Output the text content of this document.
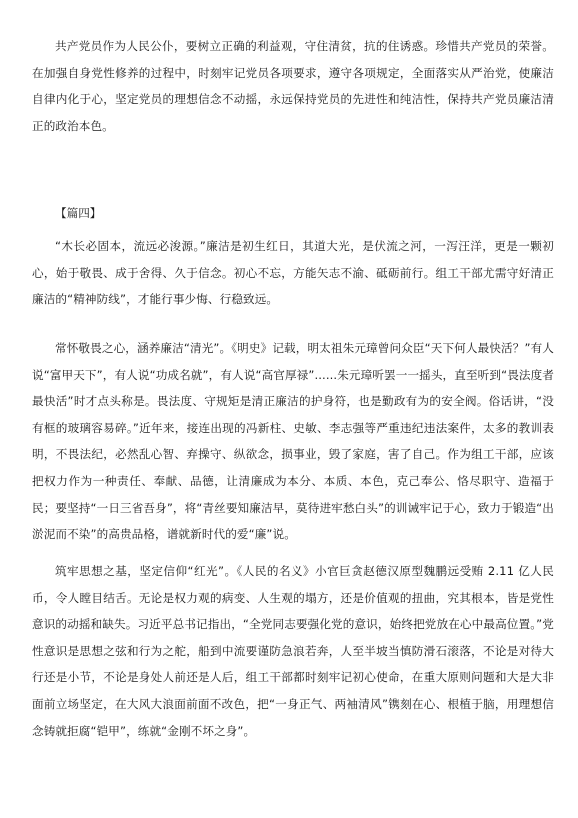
共产党员作为人民公仆，要树立正确的利益观，守住清贫，抗的住诱惑。珍惜共产党员的荣誉。在加强自身党性修养的过程中，时刻牢记党员各项要求，遵守各项规定，全面落实从严治党，使廉洁自律内化于心，坚定党员的理想信念不动摇，永远保持党员的先进性和纯洁性，保持共产党员廉洁清正的政治本色。

【篇四】

“木长必固本，流远必浚源。”廉洁是初生红日，其道大光，是伏流之河，一泻汪洋，更是一颗初心，始于敬畏、成于舍得、久于信念。初心不忘，方能矢志不渝、砥砺前行。组工干部尤需守好清正廉洁的“精神防线”，才能行事少悔、行稳致远。

常怀敬畏之心，涵养廉洁“清光”。《明史》记载，明太祖朱元璋曾问众臣“天下何人最快活？”有人说“富甲天下”，有人说“功成名就”，有人说“高官厚禄”......朱元璋听罢一一摇头，直至听到“畏法度者最快活”时才点头称是。畏法度、守规矩是清正廉洁的护身符，也是勤政有为的安全阀。俗话讲，“没有框的玻璃容易碎。”近年来，接连出现的冯新柱、史敏、李志强等严重违纪违法案件，太多的教训表明，不畏法纪，必然乱心智、弃操守、纵欲念，损事业，毁了家庭，害了自己。作为组工干部，应该把权力作为一种责任、奉献、品德，让清廉成为本分、本质、本色，克己奉公、恪尽职守、造福于民；要坚持“一日三省吾身”，将“青丝要知廉洁早，莫待进牢愁白头”的训诫牢记于心，致力于锻造“出淤泥而不染”的高贵品格，谱就新时代的爱“廉”说。

筑牢思想之基，坚定信仰“红光”。《人民的名义》小官巨贪赵德汉原型魏鹏远受贿 2.11 亿人民币，令人瞠目结舌。无论是权力观的病变、人生观的塌方，还是价值观的扭曲，究其根本，皆是党性意识的动摇和缺失。习近平总书记指出，“全党同志要强化党的意识，始终把党放在心中最高位置。”党性意识是思想之弦和行为之舵，船到中流要谨防急浪若奔，人至半坡当慎防滑石滚落，不论是对待大行还是小节，不论是身处人前还是人后，组工干部都时刻牢记初心使命，在重大原则问题和大是大非面前立场坚定，在大风大浪面前面不改色，把“一身正气、两袖清风”镌刻在心、根植于脑，用理想信念铸就拒腐“铠甲”，练就“金刚不坏之身”。
